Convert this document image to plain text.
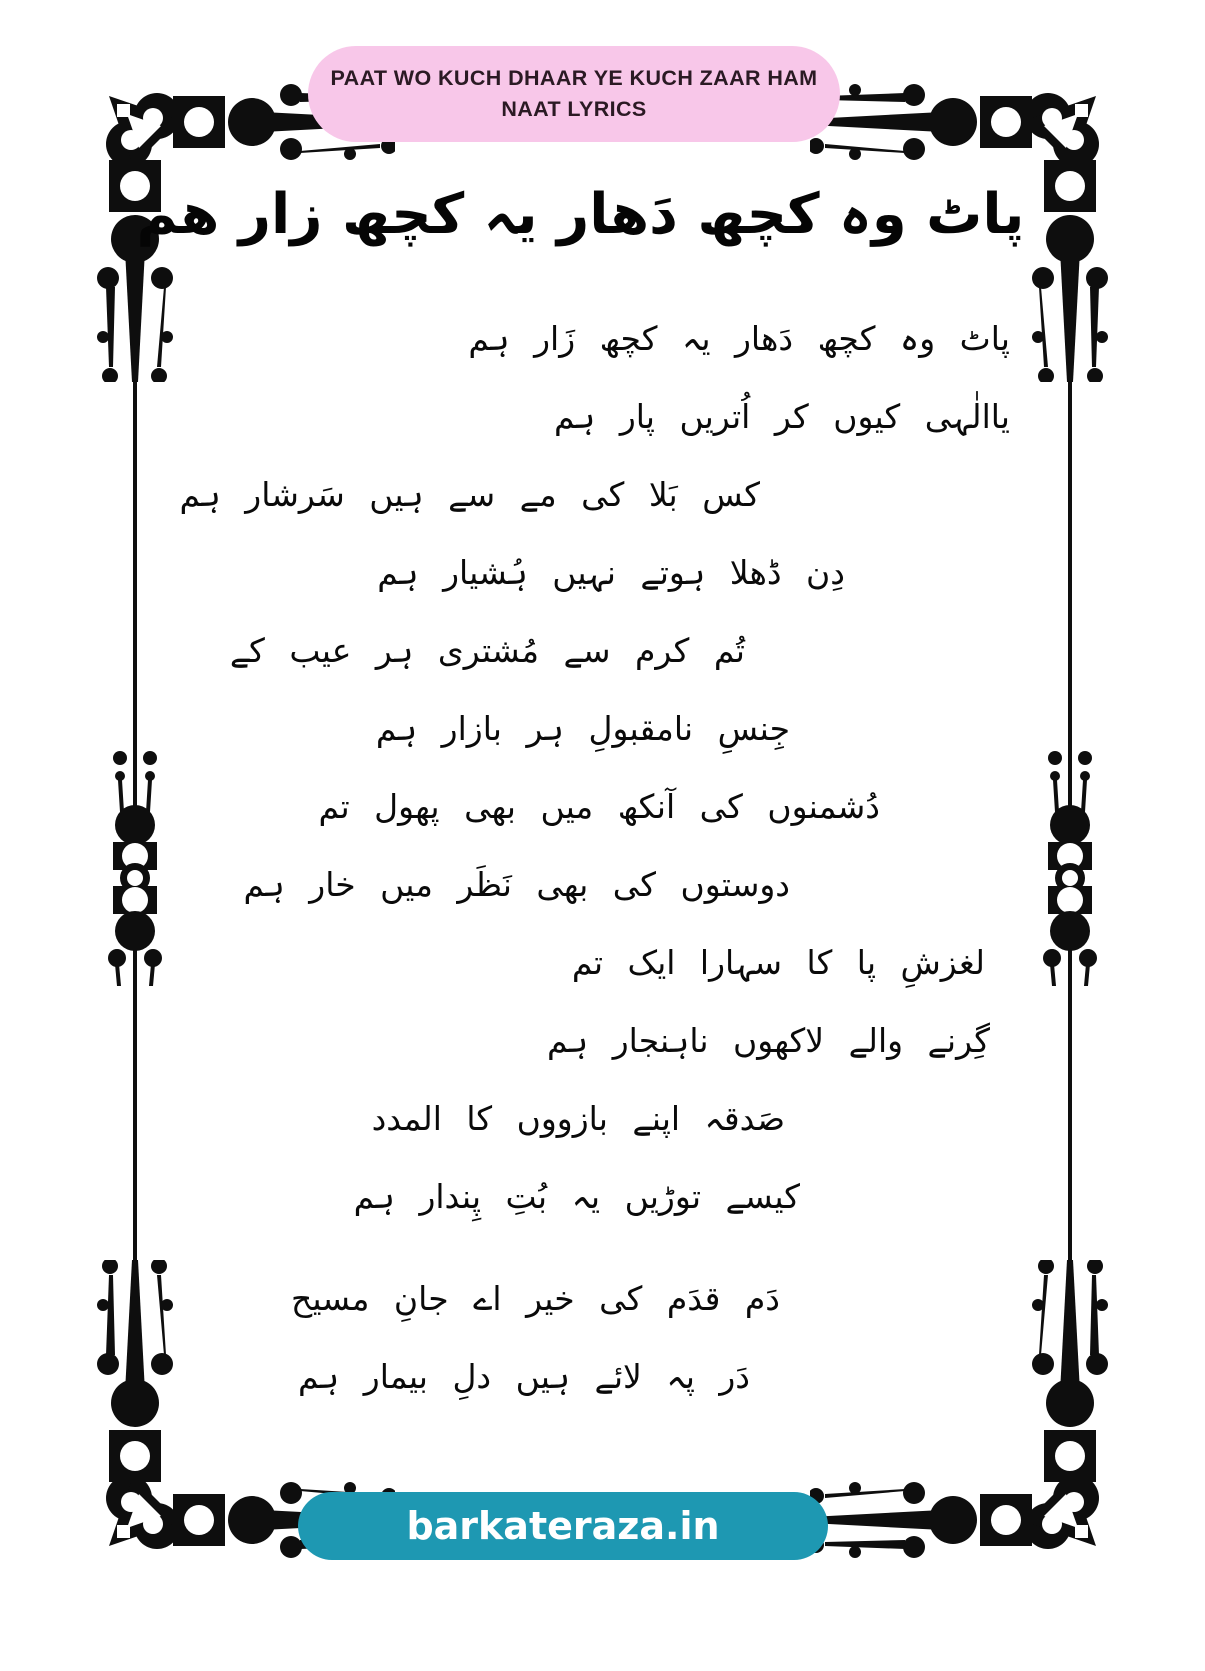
PAAT WO KUCH DHAAR YE KUCH ZAAR HAM
NAAT LYRICS
پاٹ وہ کچھ دَھار یہ کچھ زار ھم
پاٹ وہ کچھ دَھار یہ کچھ زَار ہم
یاالٰہی کیوں کر اُتریں پار ہم
کس بَلا کی مے سے ہیں سَرشار ہم
دِن ڈھلا ہوتے نہیں ہُشیار ہم
تُم کرم سے مُشتری ہر عیب کے
جِنسِ نامقبولِ ہر بازار ہم
دُشمنوں کی آنکھ میں بھی پھول تم
دوستوں کی بھی نَظَر میں خار ہم
لغزشِ پا کا سہارا ایک تم
گِرنے والے لاکھوں ناہنجار ہم
صَدقہ اپنے بازووں کا المدد
کیسے توڑیں یہ بُتِ پِندار ہم
دَم قدَم کی خیر اے جانِ مسیح
دَر پہ لائے ہیں دلِ بیمار ہم
barkateraza.in
